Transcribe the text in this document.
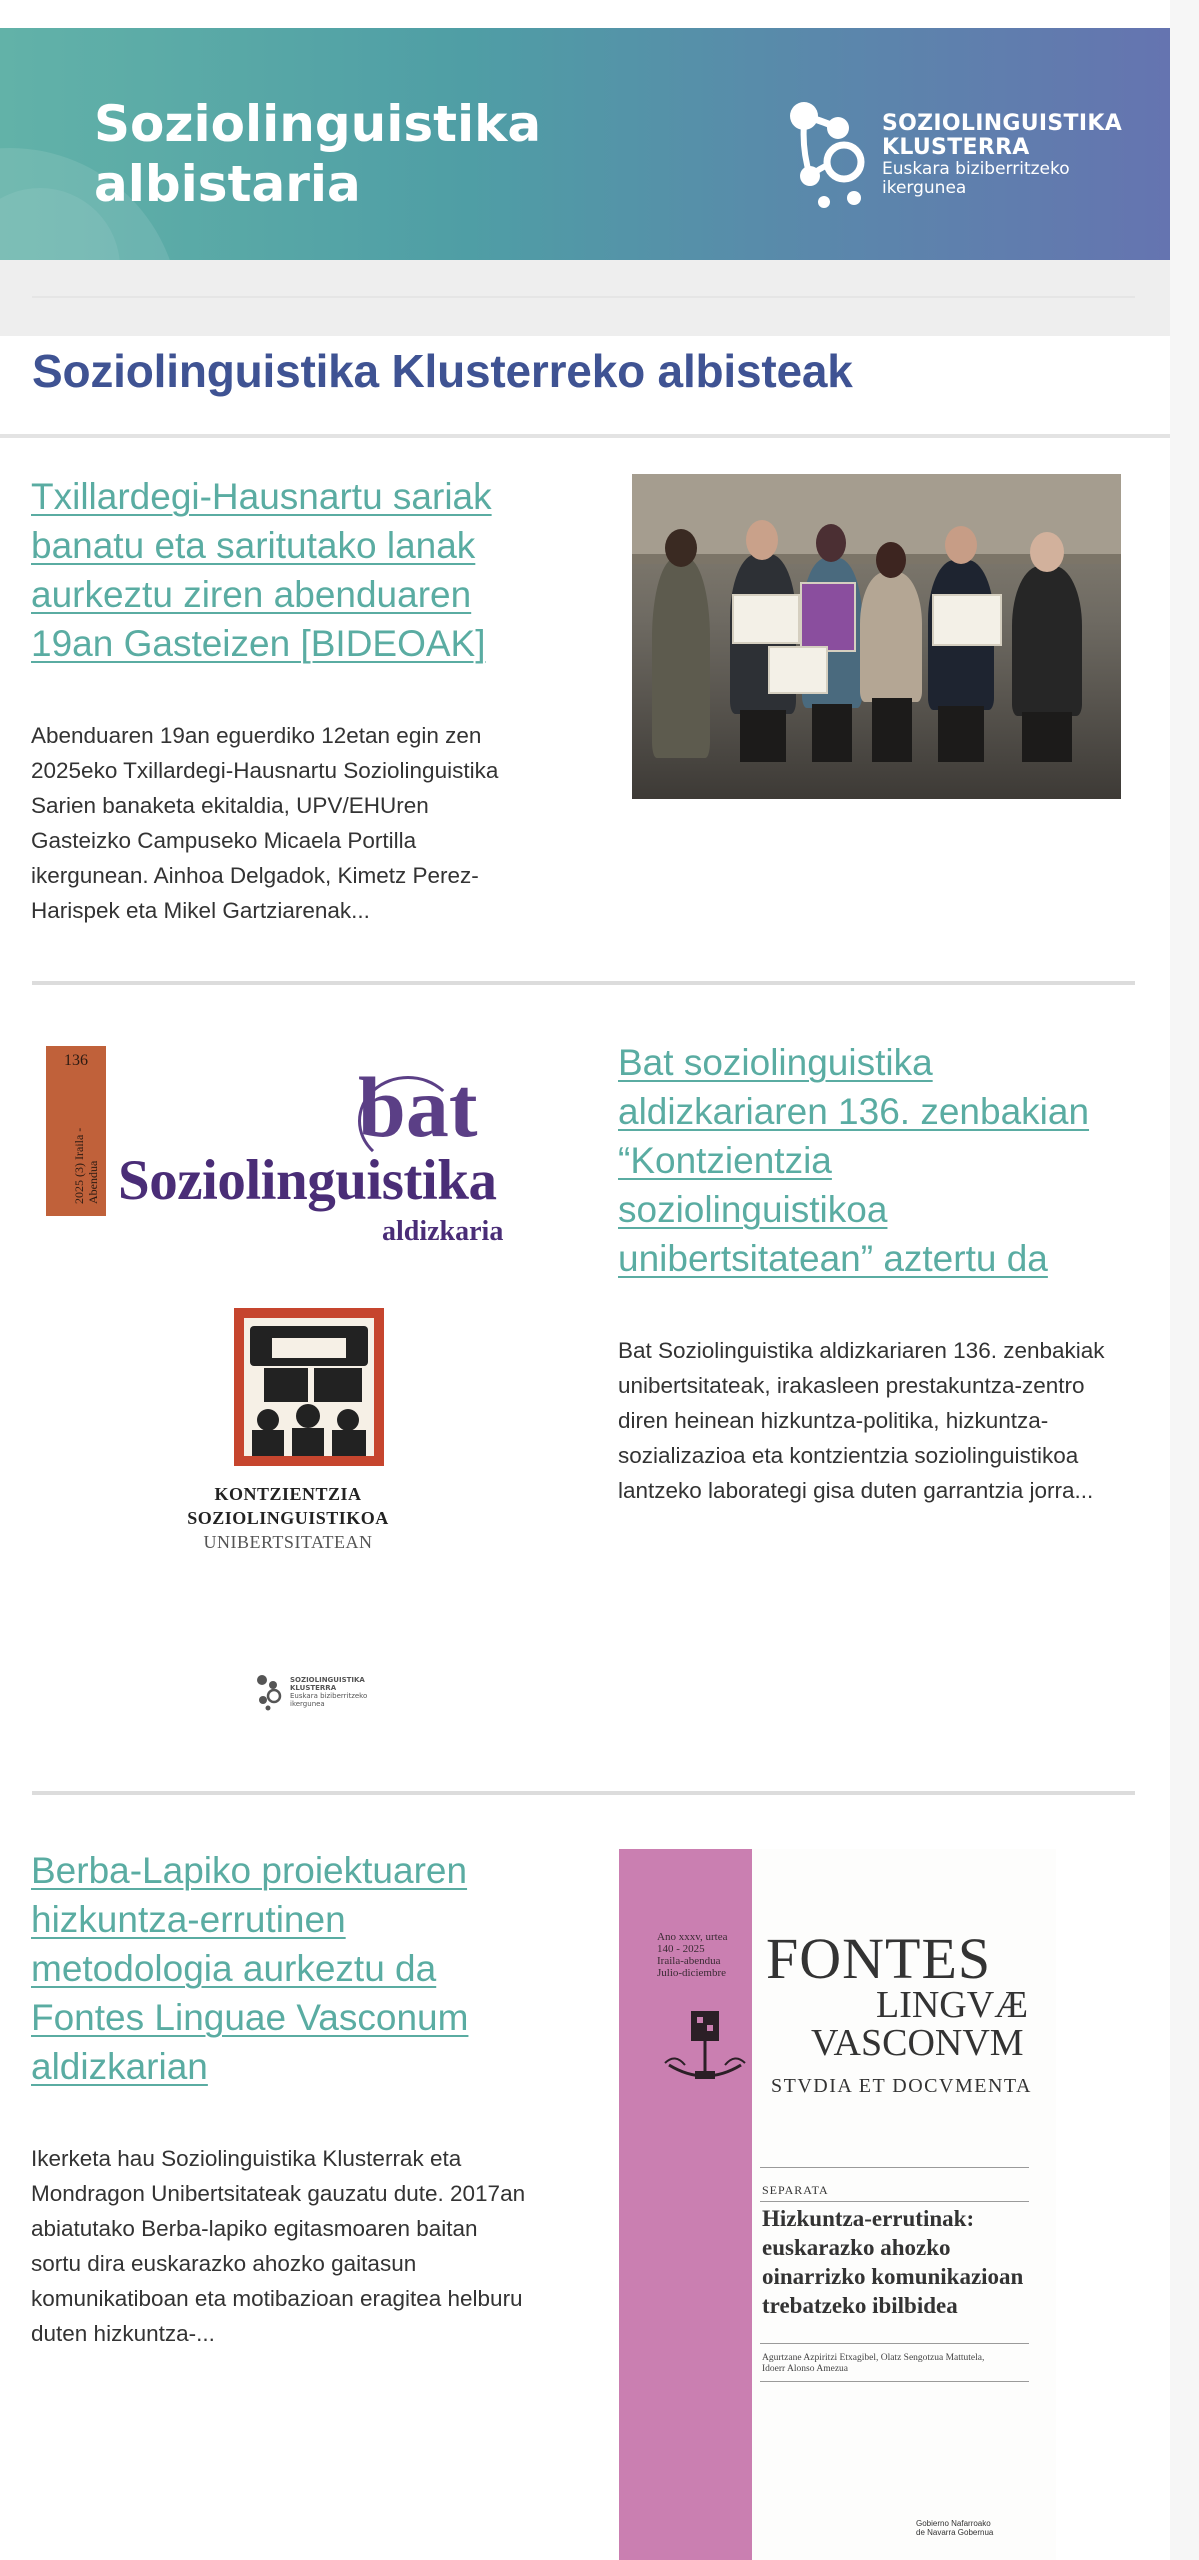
Soziolinguistika
albistaria
SOZIOLINGUISTIKA
KLUSTERRA
Euskara biziberritzeko
ikergunea
Soziolinguistika Klusterreko albisteak
Txillardegi-Hausnartu sariak
banatu eta saritutako lanak
aurkeztu ziren abenduaren
19an Gasteizen [BIDEOAK]
Abenduaren 19an eguerdiko 12etan egin zen
2025eko Txillardegi-Hausnartu Soziolinguistika
Sarien banaketa ekitaldia, UPV/EHUren
Gasteizko Campuseko Micaela Portilla
ikergunean. Ainhoa Delgadok, Kimetz Perez-
Harispek eta Mikel Gartziarenak...
136
2025 (3) Iraila - Abendua
bat
Soziolinguistika
aldizkaria
KONTZIENTZIA
SOZIOLINGUISTIKOA
UNIBERTSITATEAN
SOZIOLINGUISTIKA
KLUSTERRA
Euskara biziberritzeko
ikergunea
Bat soziolinguistika
aldizkariaren 136. zenbakian
“Kontzientzia
soziolinguistikoa
unibertsitatean” aztertu da
Bat Soziolinguistika aldizkariaren 136. zenbakiak
unibertsitateak, irakasleen prestakuntza-zentro
diren heinean hizkuntza-politika, hizkuntza-
sozializazioa eta kontzientzia soziolinguistikoa
lantzeko laborategi gisa duten garrantzia jorra...
Berba-Lapiko proiektuaren
hizkuntza-errutinen
metodologia aurkeztu da
Fontes Linguae Vasconum
aldizkarian
Ikerketa hau Soziolinguistika Klusterrak eta
Mondragon Unibertsitateak gauzatu dute. 2017an
abiatutako Berba-lapiko egitasmoaren baitan
sortu dira euskarazko ahozko gaitasun
komunikatiboan eta motibazioan eragitea helburu
duten hizkuntza-...
Ano xxxv, urtea
140 - 2025
Iraila-abendua
Julio-diciembre FONTES
LINGVÆ
VASCONVM
STVDIA ET DOCVMENTA
SEPARATA
Hizkuntza-errutinak:
euskarazko ahozko
oinarrizko komunikazioan
trebatzeko ibilbidea
Agurtzane Azpiritzi Etxagibel, Olatz Sengotzua Mattutela,
Idoerr Alonso Amezua
Gobierno Nafarroako
de Navarra Gobernua
